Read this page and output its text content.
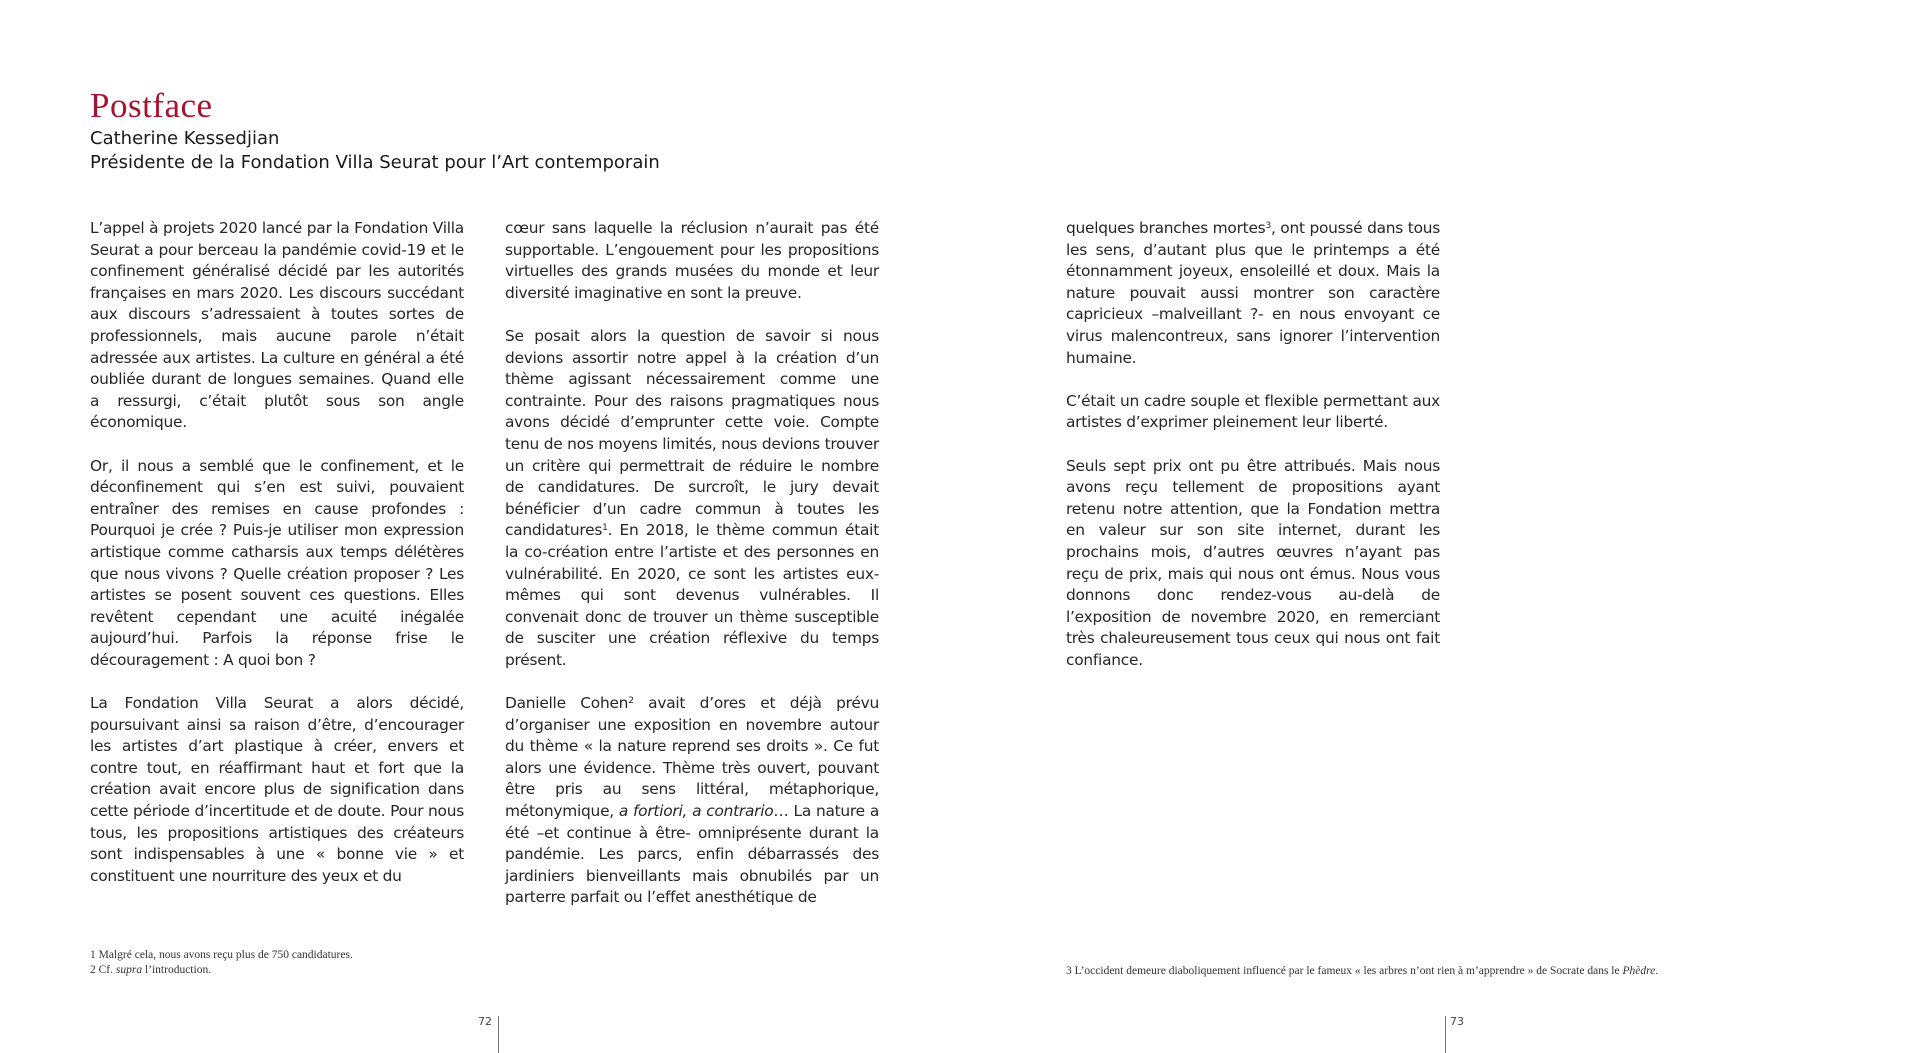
Postface
Catherine Kessedjian
Présidente de la Fondation Villa Seurat pour l’Art contemporain

L’appel à projets 2020 lancé par la Fondation Villa Seurat a pour berceau la pandémie covid-19 et le confinement généralisé décidé par les autorités françaises en mars 2020. Les discours succédant aux discours s’adressaient à toutes sortes de professionnels, mais aucune parole n’était adressée aux artistes. La culture en général a été oubliée durant de longues semaines. Quand elle a ressurgi, c’était plutôt sous son angle économique.

Or, il nous a semblé que le confinement, et le déconfinement qui s’en est suivi, pouvaient entraîner des remises en cause profondes : Pourquoi je crée ? Puis-je utiliser mon expression artistique comme catharsis aux temps délétères que nous vivons ? Quelle création proposer ? Les artistes se posent souvent ces questions. Elles revêtent cependant une acuité inégalée aujourd’hui. Parfois la réponse frise le découragement : A quoi bon ?

La Fondation Villa Seurat a alors décidé, poursuivant ainsi sa raison d’être, d’encourager les artistes d’art plastique à créer, envers et contre tout, en réaffirmant haut et fort que la création avait encore plus de signification dans cette période d’incertitude et de doute. Pour nous tous, les propositions artistiques des créateurs sont indispensables à une « bonne vie » et constituent une nourriture des yeux et du

cœur sans laquelle la réclusion n’aurait pas été supportable. L’engouement pour les propositions virtuelles des grands musées du monde et leur diversité imaginative en sont la preuve.

Se posait alors la question de savoir si nous devions assortir notre appel à la création d’un thème agissant nécessairement comme une contrainte. Pour des raisons pragmatiques nous avons décidé d’emprunter cette voie. Compte tenu de nos moyens limités, nous devions trouver un critère qui permettrait de réduire le nombre de candidatures. De surcroît, le jury devait bénéficier d’un cadre commun à toutes les candidatures$^1$. En 2018, le thème commun était la co-création entre l’artiste et des personnes en vulnérabilité. En 2020, ce sont les artistes eux-mêmes qui sont devenus vulnérables. Il convenait donc de trouver un thème susceptible de susciter une création réflexive du temps présent.

Danielle Cohen$^2$ avait d’ores et déjà prévu d’organiser une exposition en novembre autour du thème « la nature reprend ses droits ». Ce fut alors une évidence. Thème très ouvert, pouvant être pris au sens littéral, métaphorique, métonymique, a fortiori, a contrario… La nature a été –et continue à être- omniprésente durant la pandémie. Les parcs, enfin débarrassés des jardiniers bienveillants mais obnubilés par un parterre parfait ou l’effet anesthétique de

1 Malgré cela, nous avons reçu plus de 750 candidatures.
2 Cf. supra l’introduction.
72

quelques branches mortes$^3$, ont poussé dans tous les sens, d’autant plus que le printemps a été étonnamment joyeux, ensoleillé et doux. Mais la nature pouvait aussi montrer son caractère capricieux –malveillant ?- en nous envoyant ce virus malencontreux, sans ignorer l’intervention humaine.

C’était un cadre souple et flexible permettant aux artistes d’exprimer pleinement leur liberté.

Seuls sept prix ont pu être attribués. Mais nous avons reçu tellement de propositions ayant retenu notre attention, que la Fondation mettra en valeur sur son site internet, durant les prochains mois, d’autres œuvres n’ayant pas reçu de prix, mais qui nous ont émus. Nous vous donnons donc rendez-vous au-delà de l’exposition de novembre 2020, en remerciant très chaleureusement tous ceux qui nous ont fait confiance.

3 L’occident demeure diaboliquement influencé par le fameux « les arbres n’ont rien à m’apprendre » de Socrate dans le Phèdre.
73
